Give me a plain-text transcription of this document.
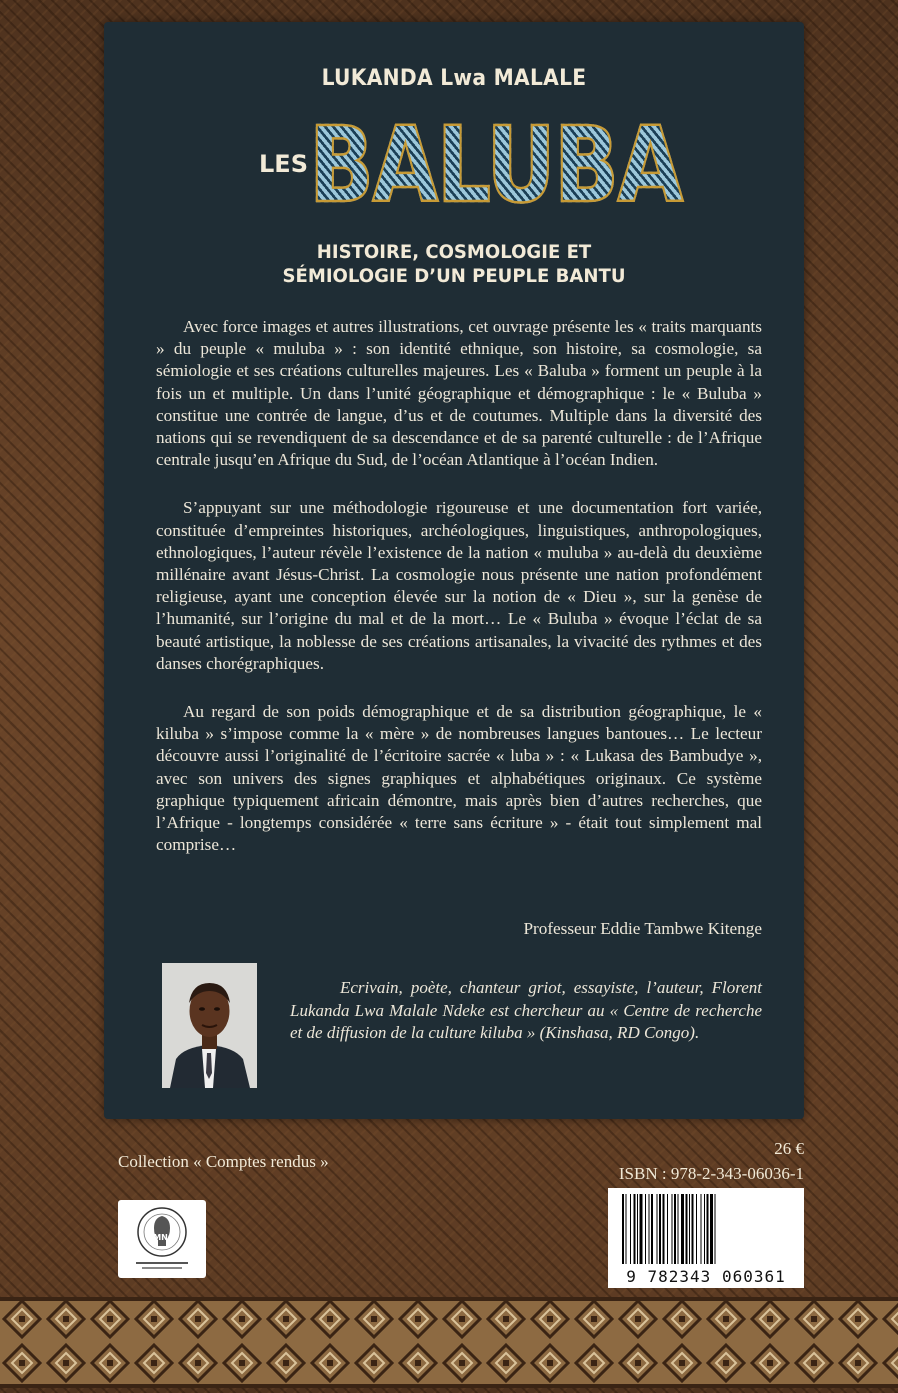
LUKANDA Lwa MALALE
LES BALUBA
HISTOIRE, COSMOLOGIE ET
SÉMIOLOGIE D’UN PEUPLE BANTU

Avec force images et autres illustrations, cet ouvrage présente les « traits marquants » du peuple « muluba » : son identité ethnique, son histoire, sa cosmologie, sa sémiologie et ses créations culturelles majeures. Les « Baluba » forment un peuple à la fois un et multiple. Un dans l’unité géographique et démographique : le « Buluba » constitue une contrée de langue, d’us et de coutumes. Multiple dans la diversité des nations qui se revendiquent de sa descendance et de sa parenté culturelle : de l’Afrique centrale jusqu’en Afrique du Sud, de l’océan Atlantique à l’océan Indien.

S’appuyant sur une méthodologie rigoureuse et une documentation fort variée, constituée d’empreintes historiques, archéologiques, linguistiques, anthropologiques, ethnologiques, l’auteur révèle l’existence de la nation « muluba » au-delà du deuxième millénaire avant Jésus-Christ. La cosmologie nous présente une nation profondément religieuse, ayant une conception élevée sur la notion de « Dieu », sur la genèse de l’humanité, sur l’origine du mal et de la mort… Le « Buluba » évoque l’éclat de sa beauté artistique, la noblesse de ses créations artisanales, la vivacité des rythmes et des danses chorégraphiques.

Au regard de son poids démographique et de sa distribution géographique, le « kiluba » s’impose comme la « mère » de nombreuses langues bantoues… Le lecteur découvre aussi l’originalité de l’écritoire sacrée « luba » : « Lukasa des Bambudye », avec son univers des signes graphiques et alphabétiques originaux. Ce système graphique typiquement africain démontre, mais après bien d’autres recherches, que l’Afrique - longtemps considérée « terre sans écriture » - était tout simplement mal comprise…

Professeur Eddie Tambwe Kitenge
Ecrivain, poète, chanteur griot, essayiste, l’auteur, Florent Lukanda Lwa Malale Ndeke est chercheur au « Centre de recherche et de diffusion de la culture kiluba » (Kinshasa, RD Congo).
Collection « Comptes rendus »
26 €
ISBN : 978-2-343-06036-1
IMNC
9 782343 060361
